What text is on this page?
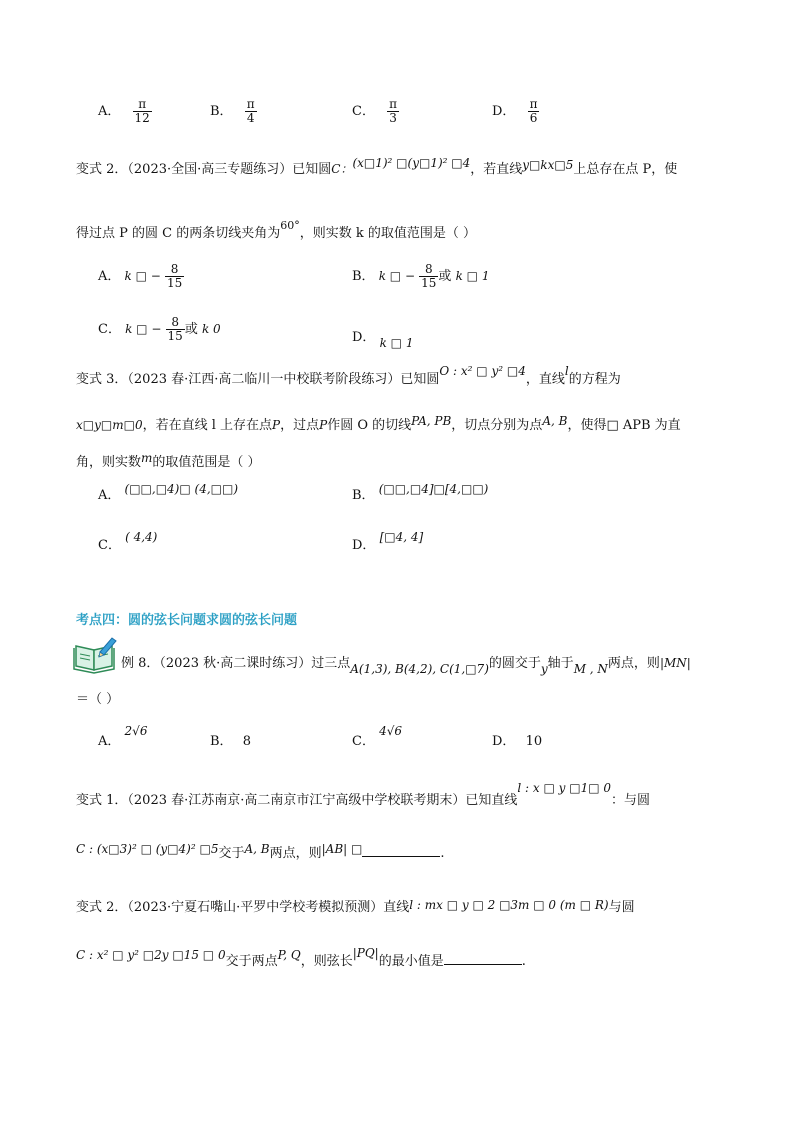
A． $\frac{\pi}{12}$	B． $\frac{\pi}{4}$	C． $\frac{\pi}{3}$	D． $\frac{\pi}{6}$
变式 2．（2023·全国·高三专题练习）已知圆C：(x□1)² □(y□1)² □4，若直线y□kx□5上总存在点 P，使
得过点 P 的圆 C 的两条切线夹角为$^{60^\circ}$，则实数 k 的取值范围是（ ）
A． k □ − $\frac{8}{15}$	B． k □ − $\frac{8}{15}$ 或 k □ 1
C． k □ − $\frac{8}{15}$ 或 k 0
D． k □ 1
变式 3．（2023 春·江西·高二临川一中校联考阶段练习）已知圆O : x² □ y² □4，直线l的方程为
x□y□m□0，若在直线 l 上存在点P，过点P作圆 O 的切线PA, PB，切点分别为点A, B，使得□ APB 为直
角，则实数m的取值范围是（ ）
A． (□□,□4)□ (4,□□)	B． (□□,□4]□[4,□□)
C． ( 4,4)
D． [□4, 4]
考点四：圆的弦长问题求圆的弦长问题
例 8．（2023 秋·高二课时练习）过三点A(1,3), B(4,2), C(1,□7)的圆交于y轴于M , N两点，则|MN|
＝（ ）
A． 2√6
B． 8	C． 4√6
D． 10
变式 1．（2023 春·江苏南京·高二南京市江宁高级中学校联考期末）已知直线l : x □ y □1□ 0：与圆
C : (x□3)² □ (y□4)² □5交于A, B两点，则|AB| □	.
变式 2．（2023·宁夏石嘴山·平罗中学校考模拟预测）直线l : mx □ y □ 2 □3m □ 0 (m □ R)与圆
C : x² □ y² □2y □15 □ 0交于两点P, Q，则弦长|PQ|的最小值是	.
